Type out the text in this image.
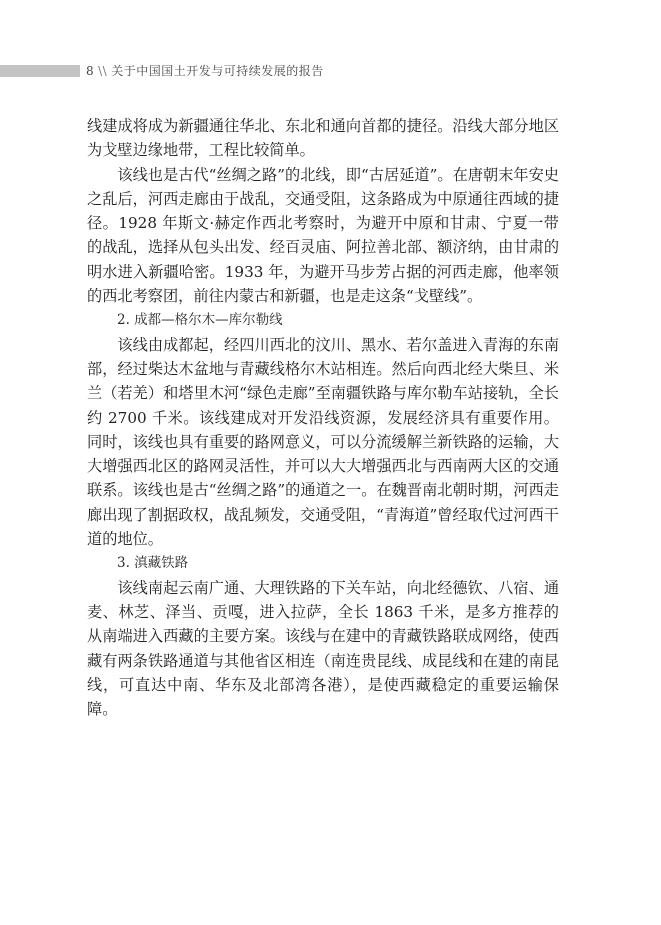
8 \\ 关于中国国土开发与可持续发展的报告

线建成将成为新疆通往华北、东北和通向首都的捷径。沿线大部分地区为戈壁边缘地带，工程比较简单。

该线也是古代“丝绸之路”的北线，即“古居延道”。在唐朝末年安史之乱后，河西走廊由于战乱，交通受阻，这条路成为中原通往西域的捷径。1928 年斯文·赫定作西北考察时，为避开中原和甘肃、宁夏一带的战乱，选择从包头出发、经百灵庙、阿拉善北部、额济纳，由甘肃的明水进入新疆哈密。1933 年，为避开马步芳占据的河西走廊，他率领的西北考察团，前往内蒙古和新疆，也是走这条“戈壁线”。

2. 成都—格尔木—库尔勒线

该线由成都起，经四川西北的汶川、黑水、若尔盖进入青海的东南部，经过柴达木盆地与青藏线格尔木站相连。然后向西北经大柴旦、米兰（若羌）和塔里木河“绿色走廊”至南疆铁路与库尔勒车站接轨，全长约 2700 千米。该线建成对开发沿线资源，发展经济具有重要作用。同时，该线也具有重要的路网意义，可以分流缓解兰新铁路的运输，大大增强西北区的路网灵活性，并可以大大增强西北与西南两大区的交通联系。该线也是古“丝绸之路”的通道之一。在魏晋南北朝时期，河西走廊出现了割据政权，战乱频发，交通受阻，“青海道”曾经取代过河西干道的地位。

3. 滇藏铁路

该线南起云南广通、大理铁路的下关车站，向北经德钦、八宿、通麦、林芝、泽当、贡嘎，进入拉萨，全长 1863 千米，是多方推荐的从南端进入西藏的主要方案。该线与在建中的青藏铁路联成网络，使西藏有两条铁路通道与其他省区相连（南连贵昆线、成昆线和在建的南昆线，可直达中南、华东及北部湾各港），是使西藏稳定的重要运输保障。
